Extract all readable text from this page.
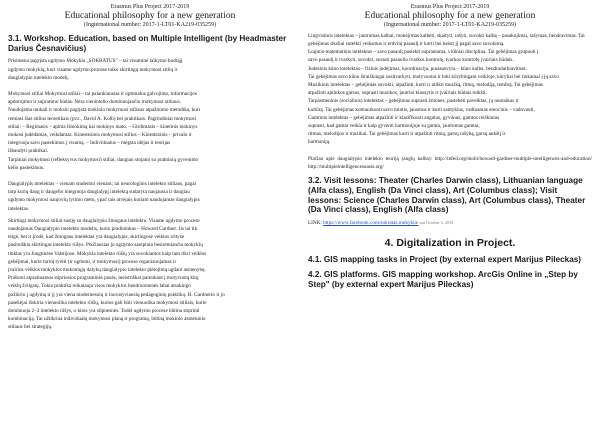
Erasmus Plus Project 2017-2019
Educational philosophy for a new generation
(Ingternational number: 2017-1-LT01-KA219-035259)
3.1. Workshop. Education, based on Multiple Intelligent (by Headmaster Darius Česnavičius)
Prisimenu pagrįsta ugdymo Mokykla „SOKRATUS" – tai visuminė laikymo budrąjį
ugdymo mokyklą, kuri visame ugdymo procese taiko skirtingų mokymosi stilių ir
daugialypio intelekto modelį.
Mokymosi stiliai Mokymosi stiliai – tai palankiausias ir optimalus galvojimo, informacijos
apdorojimo ir supratimo būdas. Nėra vienintelio dominuojančio mokymosi stiliaus.
Naudojama unikali ir mokslu pagrįsta mokinio mokymosi stiliaus atpažinimo metodika, kuri
remiasi šias stilius teoretikais (pvz., David A. Kolb) bei praktikais. Pagrindiniai mokymosi
stiliai: – Regimasis – apima išmokimą kai mokinys mato. – Girdimasis – kinetinis mokinys
mokosi judėdamas, veikdamas. Kinestezinis mokymosi stilius – Kinestezinis – privalo ir
integruoja savo pasiekimus į visumą. – Individualus – mėgsta idėjas ir teorijas
išbandyti praktikai.
Tarpiniai mokymosi (refleksyvus mokymosi) stiliai, daugiau stojami su praktinių gyvenimo
kelio pasiekimus.
Daugialypis intelektas – vienam studentui vienam; tai neurologinis intelekto stiliaus, pagal
tarp kurių daug ir daugelio integruoja daugialypį intelektą sudaryta naujausia ir daugiau
ugdymo mokymosi naujovių tyrimo metu, ypač tais atvejais kuriam naudojamas daugialypis
intelektas.
Skirtingi mokymosi stiliai susiję su daugialypiu žmogaus intelektu. Visame ugdymo procese
naudojamas Daugialypio intelekto modelis, kurio pradininkas – Howard Gardner. Jis tai tik
teigė, bet ir įrodė, kad žmogaus intelektas yra daugialypis, skirtingose veiklos srityse
pasireiškia skirtingas intelekto rūšys. Pikčiausias jo ugdymo samprata besiremiančia mokyklų
tinklas yra Jungtinėse Valstijose. Mokykla intelekto rūšių yra suvokiamos kaip tam tikri veiklos
gebėjimai, kurie turinį tyrėti (ir ugdomi, ir mokymosi) procese organizuojamas ir
įvairios veiklos mokyklos mokomųjų dalykų daugialypio intelekto plėtojimą ugdant asmenybę.
Prašomi atpratinamos stipriosios programinės pusės, meistriškai parenkant į motyvuotą kitų
veiklų žvilgsnį. Tokia praktika reikalauja visos mokyklos bendruomenės labai atsakingo
požiūrio į ugdymą ir jį yra viena modernesnių ir inovatyviausių pedagoginių praktikų. H. Gardnerio ir jo
pasekėjai išskiria vienuolika intelekto rūšių, kurios gali būti vienuolika mokymosi stiliais, kurie
dominuoja 2–3 intelekto rūšys, o kitos yra silpnesnės. Todėl ugdymo procese būtina stiprinti
kombinaciją. Tai užtikrina individualų mokymosi planą ir programą, būtiną mokinio asmeninio
stiliaus bei strategijų.
Erasmus Plus Project 2017-2019
Educational philosophy for a new generation
(Ingternational number: 2017-1-LT01-KA219-035259)
Lingvistinis intelektas – jautrumas kalbai, mokėjimas kalbėti, skaityti, rašyti, suvokti kalbą – pasakojimai, rašymas, bendravimas. Tai
gebėjimas tiksliai sutelkti veiksmus ir erdvinį pasaulį ir kurti bei keisti jį pagal savo suvokimą.
Loginis-matematinis intelektas – savo pasaulį pasiekti suprantama, vidiniai disciplina. Tai gebėjimas grupuoti į
savo pasaulį ir tvarkyti, suvokti, surasti pasaulio tvarkos kontrolę, tvarkos kontrolę įvairiais būdais.
Judesinis kūno intelektas – fizinis judėjimas, koordinacija, pusiausvyra – kūno kalba, bendradarbiavimas.
Tai gebėjimas savo kūnu išraiškingai susitvarkyti, motyvuotai ir būti kūrybingam veikloje, kūrybai bei tinkamai į jų savo
Muzikinis intelektas – gebėjimas suvokti, atpažinti, kurti ir atlikti muziką, ritmą, melodiją, tembrą. Tai gebėjimas
atpažinti aplinkos garsus, suprasti muzikos, jautriai klausytis ir įvairiais būdais reikšti.
Tarpasmeninis (socialinis) intelektas – gebėjimas suprasti žmones, pastebėti paveiktas, jų nuotaikas ir
kultūrą. Tai gebėjimas komunikuoti savo mintis, jausmus ir kurti santykius, vadinamas emocinis – vadovauti,
Gamtinis intelektas – gebėjimas atpažinti ir klasifikuoti augalus, gyvūnus, gamtos reiškinius
suprasti, kad gamta veikia ir kaip gyventi harmonijoje su gamta, jautrumas gamtai,
ritmas, melodijos ir muzikai. Tai gebėjimas kurti ir atpažinti ritmą, garsų rašybą, garsų aukštį ir
harmoniją.

Plačiau apie daugialypio intelekto teoriją (anglų kalba): http://infed.org/mobi/howard-gardner-multiple-intelligences-and-education/ http://multipleintelligencesoasis.org/

3.2. Visit lessons: Theater (Charles Darwin class), Lithuanian language (Alfa class), English (Da Vinci class), Art (Columbus class); Visit lessons: Science (Charles Darwin class), Art (Columbus class), Theater (Da Vinci class), English (Alfa class)
LINK: https://www.facebook.com/sokratas.mokykla/ sau October 3, 2018
4. Digitalization in Project.
4.1. GIS mapping tasks in Project (by external expert Marijus Pileckas)
4.2. GIS platforms. GIS mapping workshop. ArcGis Online in „Step by Step" (by external expert Marijus Pileckas)
